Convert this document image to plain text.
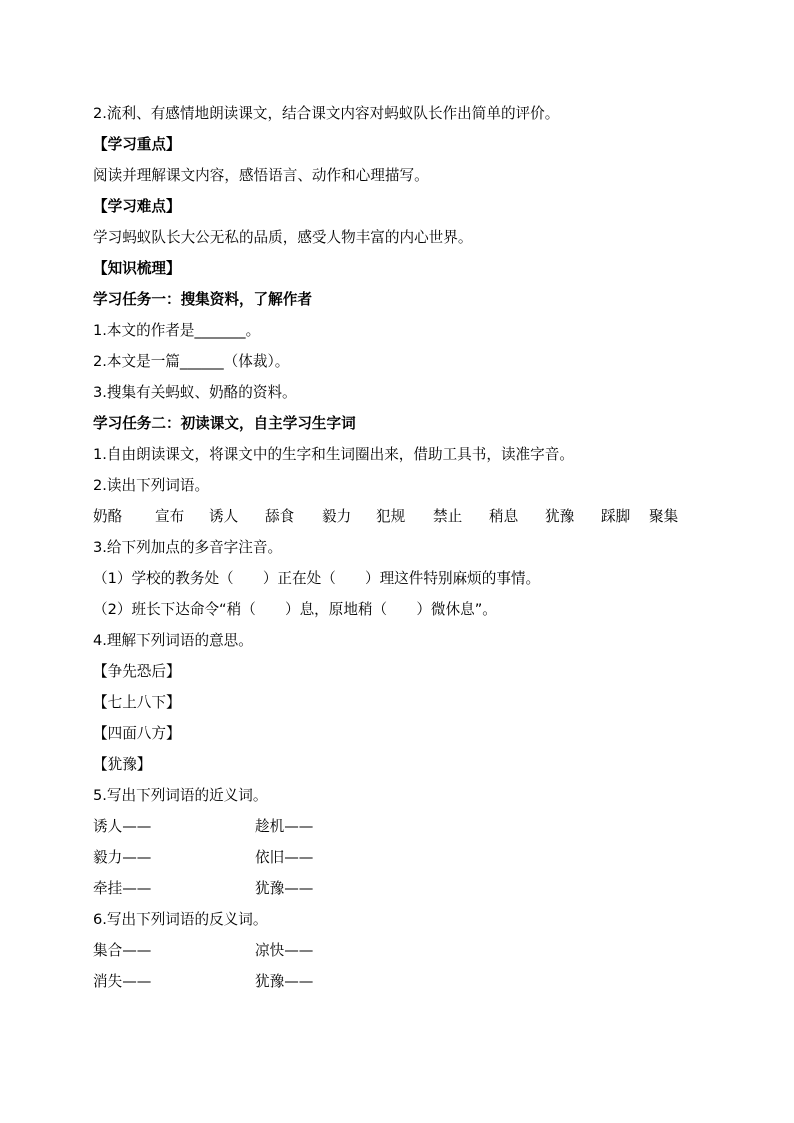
2.流利、有感情地朗读课文，结合课文内容对蚂蚁队长作出简单的评价。
【学习重点】
阅读并理解课文内容，感悟语言、动作和心理描写。
【学习难点】
学习蚂蚁队长大公无私的品质，感受人物丰富的内心世界。
【知识梳理】
学习任务一：搜集资料，了解作者
1.本文的作者是_______。
2.本文是一篇______（体裁）。
3.搜集有关蚂蚁、奶酪的资料。
学习任务二：初读课文，自主学习生字词
1.自由朗读课文，将课文中的生字和生词圈出来，借助工具书，读准字音。
2.读出下列词语。
奶酪	宣布	诱人	舔食	毅力	犯规	禁止	稍息	犹豫	踩脚	聚集
3.给下列加点的多音字注音。
（1）学校的教务处（　　）正在处（　　）理这件特别麻烦的事情。
（2）班长下达命令“稍（　　）息，原地稍（　　）微休息”。
4.理解下列词语的意思。
【争先恐后】
【七上八下】
【四面八方】
【犹豫】
5.写出下列词语的近义词。
诱人——	趁机——
毅力——	依旧——
牵挂——	犹豫——
6.写出下列词语的反义词。
集合——	凉快——
消失——	犹豫——
